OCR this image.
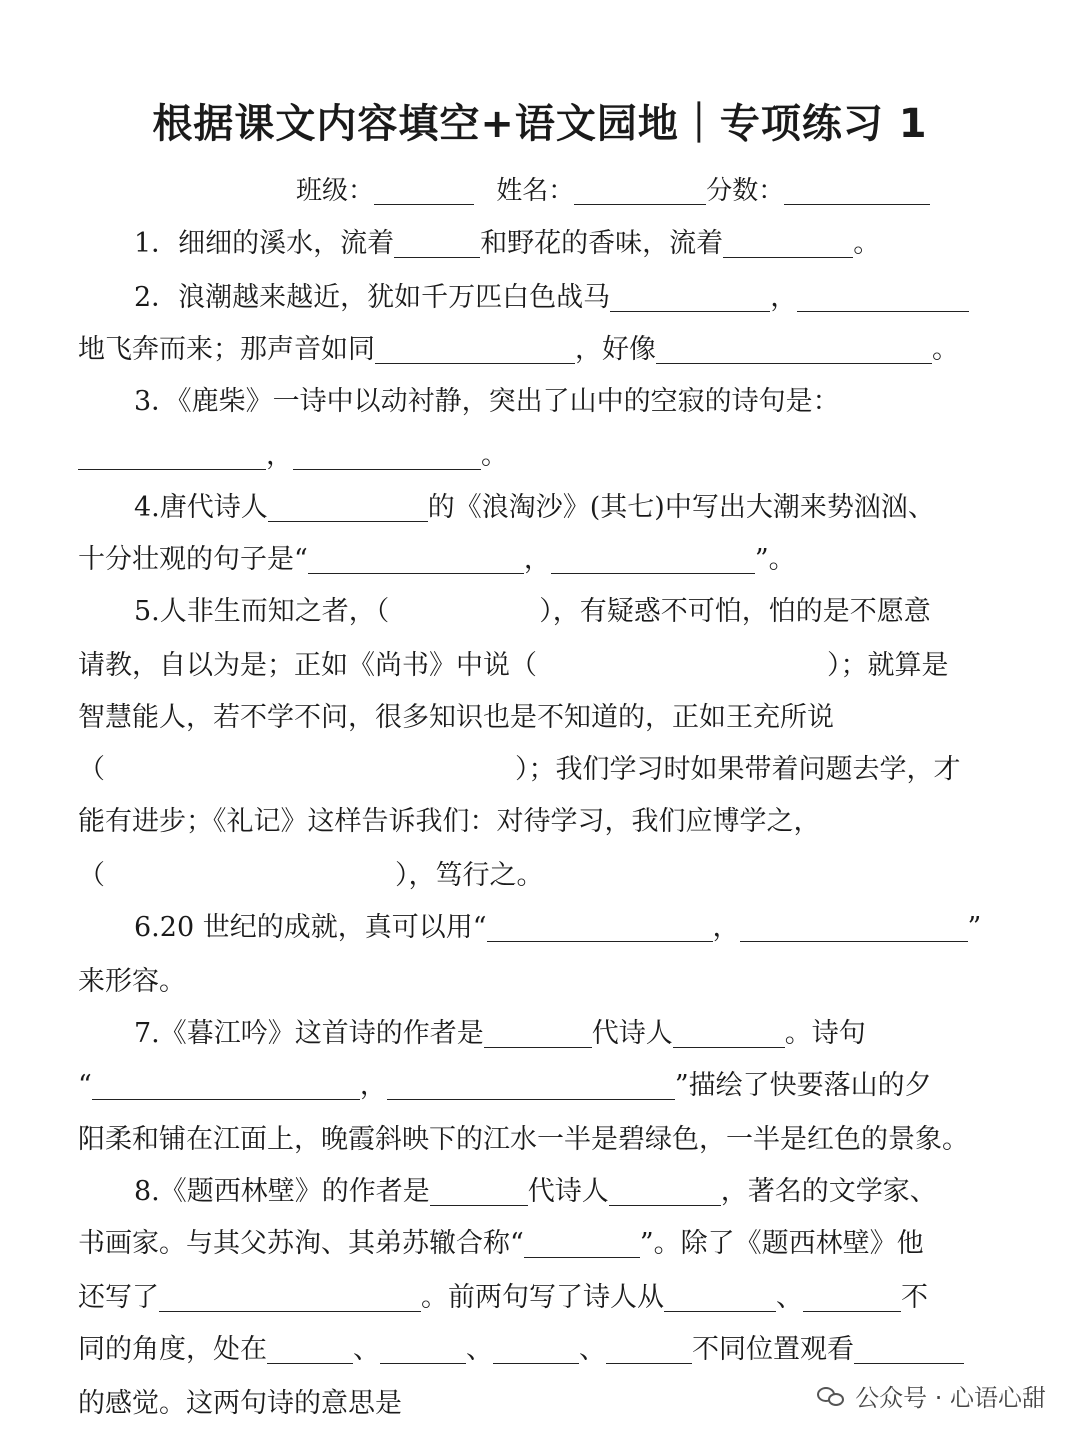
根据课文内容填空+语文园地｜专项练习 1
班级：	姓名：	分数：
1．细细的溪水，流着	和野花的香味，流着	。
2．浪潮越来越近，犹如千万匹白色战马	，
地飞奔而来；那声音如同	，好像	。
3．《鹿柴》一诗中以动衬静，突出了山中的空寂的诗句是：
，	。
4.唐代诗人	的《浪淘沙》(其七)中写出大潮来势汹汹、
十分壮观的句子是“	，	”。
5.人非生而知之者，（	），有疑惑不可怕，怕的是不愿意
请教，自以为是；正如《尚书》中说（	）；就算是
智慧能人，若不学不问，很多知识也是不知道的，正如王充所说
（	）；我们学习时如果带着问题去学，才
能有进步；《礼记》这样告诉我们：对待学习，我们应博学之，
（	），笃行之。
6.20 世纪的成就，真可以用“	，	”
来形容。
7.《暮江吟》这首诗的作者是	代诗人	。诗句
“	，	”描绘了快要落山的夕
阳柔和铺在江面上，晚霞斜映下的江水一半是碧绿色，一半是红色的景象。
8.《题西林壁》的作者是	代诗人	，著名的文学家、
书画家。与其父苏洵、其弟苏辙合称“	”。除了《题西林壁》他
还写了	。前两句写了诗人从	、	不
同的角度，处在	、	、	、	不同位置观看
的感觉。这两句诗的意思是	公众号 · 心语心甜
